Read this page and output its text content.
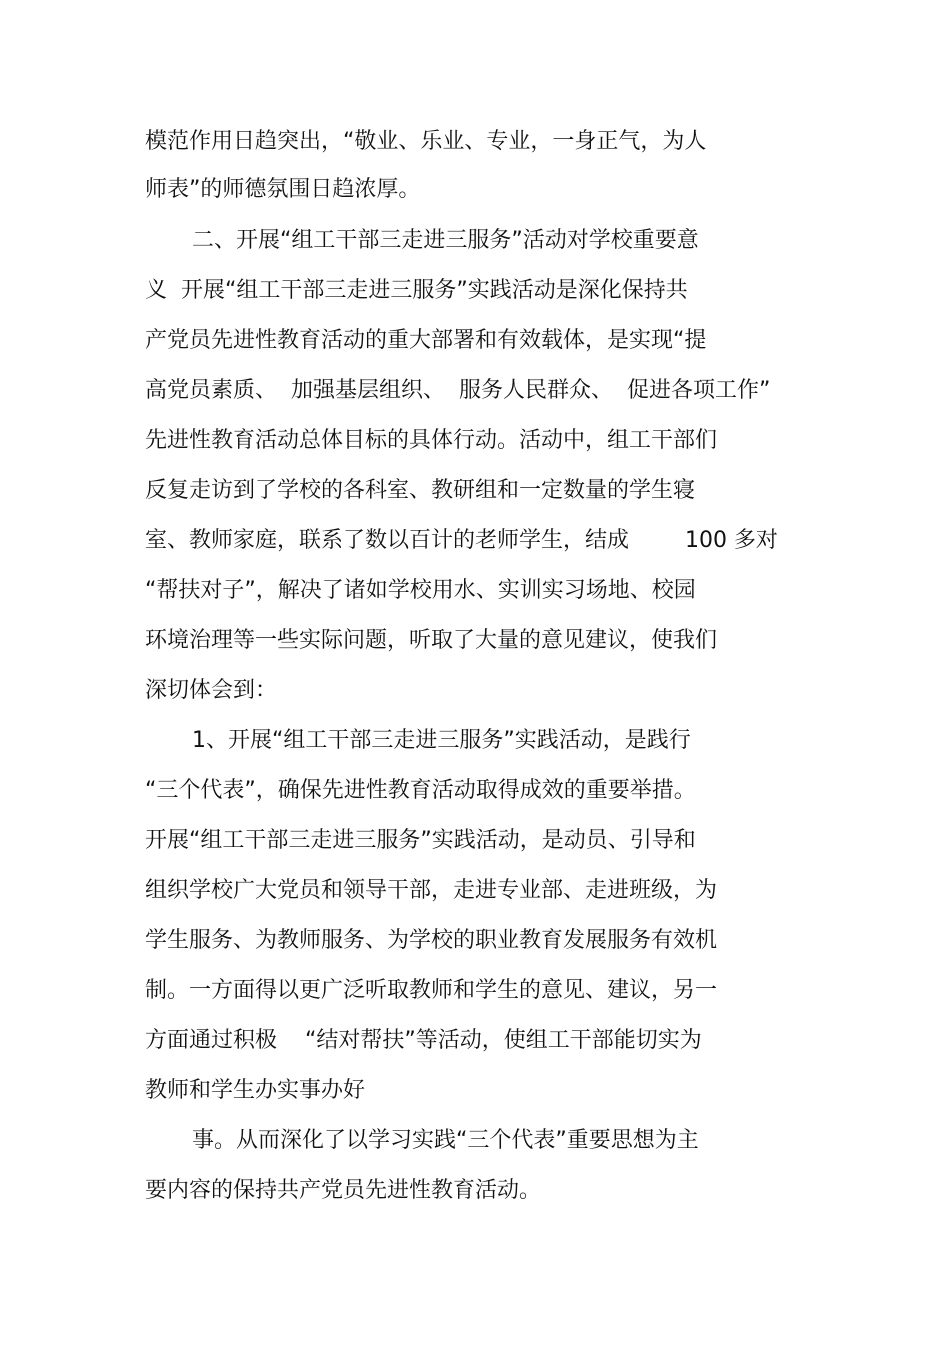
模范作用日趋突出，“敬业、乐业、专业，一身正气，为人
师表”的师德氛围日趋浓厚。
二、开展“组工干部三走进三服务”活动对学校重要意
义  开展“组工干部三走进三服务”实践活动是深化保持共
产党员先进性教育活动的重大部署和有效载体，是实现“提
高党员素质、  加强基层组织、  服务人民群众、  促进各项工作”
先进性教育活动总体目标的具体行动。活动中，组工干部们
反复走访到了学校的各科室、教研组和一定数量的学生寝
室、教师家庭，联系了数以百计的老师学生，结成        100 多对
“帮扶对子”，解决了诸如学校用水、实训实习场地、校园
环境治理等一些实际问题，听取了大量的意见建议，使我们
深切体会到：
1、开展“组工干部三走进三服务”实践活动，是践行
“三个代表”，确保先进性教育活动取得成效的重要举措。
开展“组工干部三走进三服务”实践活动，是动员、引导和
组织学校广大党员和领导干部，走进专业部、走进班级，为
学生服务、为教师服务、为学校的职业教育发展服务有效机
制。一方面得以更广泛听取教师和学生的意见、建议，另一
方面通过积极    “结对帮扶”等活动，使组工干部能切实为
教师和学生办实事办好
事。从而深化了以学习实践“三个代表”重要思想为主
要内容的保持共产党员先进性教育活动。
